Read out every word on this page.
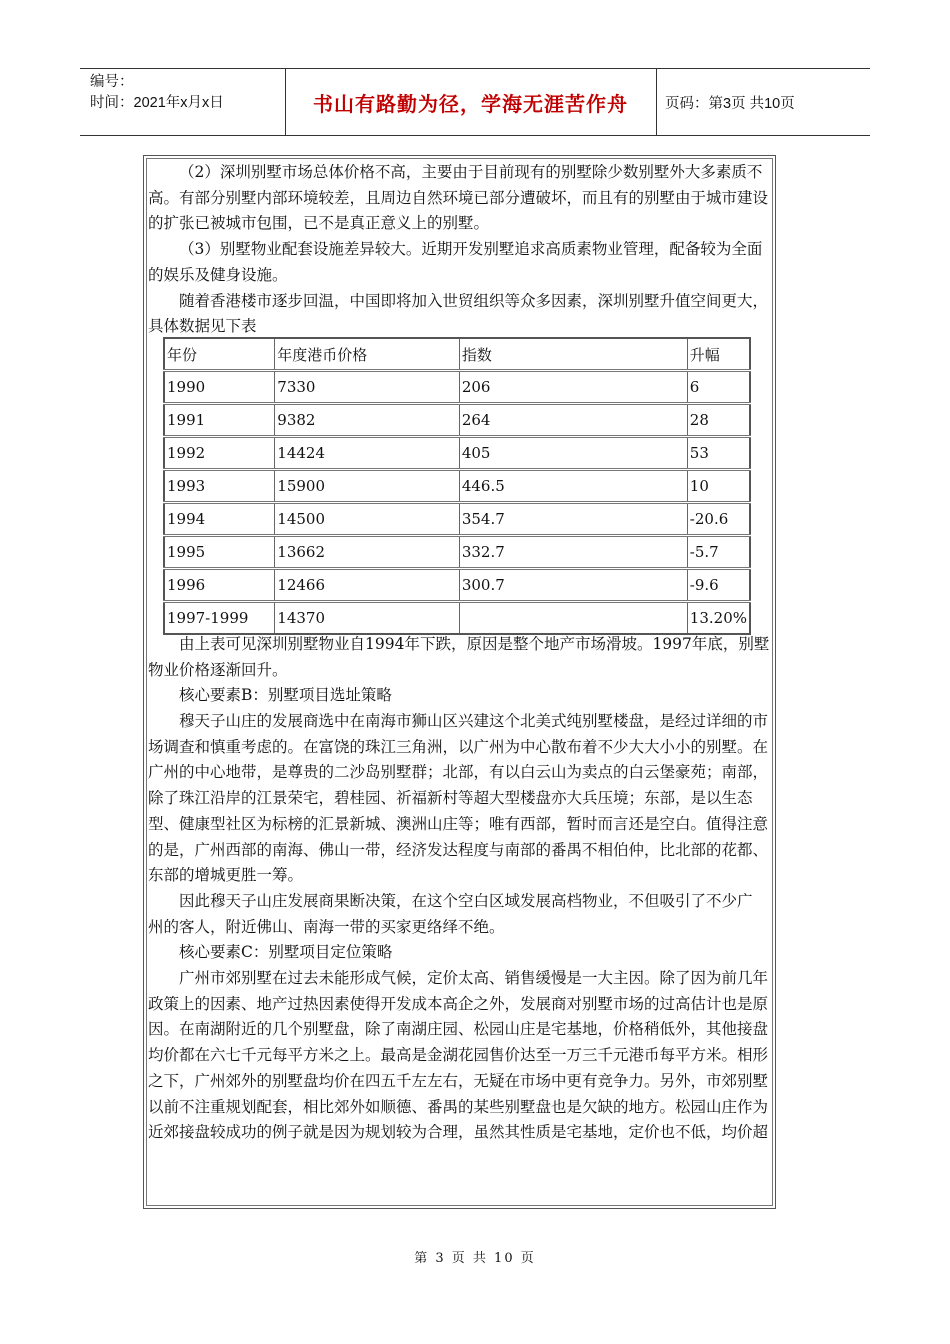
编号：
时间：2021年x月x日	书山有路勤为径，学海无涯苦作舟	页码：第3页 共10页

（2）深圳别墅市场总体价格不高，主要由于目前现有的别墅除少数别墅外大多素质不高。有部分别墅内部环境较差，且周边自然环境已部分遭破坏，而且有的别墅由于城市建设的扩张已被城市包围，已不是真正意义上的别墅。

（3）别墅物业配套设施差异较大。近期开发别墅追求高质素物业管理，配备较为全面的娱乐及健身设施。

随着香港楼市逐步回温，中国即将加入世贸组织等众多因素，深圳别墅升值空间更大，具体数据见下表

由上表可见深圳别墅物业自1994年下跌，原因是整个地产市场滑坡。1997年底，别墅物业价格逐渐回升。

核心要素B：别墅项目选址策略

穆天子山庄的发展商选中在南海市狮山区兴建这个北美式纯别墅楼盘，是经过详细的市场调查和慎重考虑的。在富饶的珠江三角洲，以广州为中心散布着不少大大小小的别墅。在广州的中心地带，是尊贵的二沙岛别墅群；北部，有以白云山为卖点的白云堡豪苑；南部，除了珠江沿岸的江景荣宅，碧桂园、祈福新村等超大型楼盘亦大兵压境；东部，是以生态型、健康型社区为标榜的汇景新城、澳洲山庄等；唯有西部，暂时而言还是空白。值得注意的是，广州西部的南海、佛山一带，经济发达程度与南部的番禺不相伯仲，比北部的花都、东部的增城更胜一筹。

因此穆天子山庄发展商果断决策，在这个空白区域发展高档物业，不但吸引了不少广

州的客人，附近佛山、南海一带的买家更络绎不绝。

核心要素C：别墅项目定位策略

广州市郊别墅在过去未能形成气候，定价太高、销售缓慢是一大主因。除了因为前几年政策上的因素、地产过热因素使得开发成本高企之外，发展商对别墅市场的过高估计也是原因。在南湖附近的几个别墅盘，除了南湖庄园、松园山庄是宅基地，价格稍低外，其他接盘均价都在六七千元每平方米之上。最高是金湖花园售价达至一万三千元港币每平方米。相形之下，广州郊外的别墅盘均价在四五千左左右，无疑在市场中更有竞争力。另外，市郊别墅以前不注重规划配套，相比郊外如顺德、番禺的某些别墅盘也是欠缺的地方。松园山庄作为近郊接盘较成功的例子就是因为规划较为合理，虽然其性质是宅基地，定价也不低，均价超

年份	年度港币价格	指数	升幅
1990	7330	206	6
1991	9382	264	28
1992	14424	405	53
1993	15900	446.5	10
1994	14500	354.7	-20.6
1995	13662	332.7	-5.7
1996	12466	300.7	-9.6
1997-1999	14370		13.20%
第 3 页 共 10 页
